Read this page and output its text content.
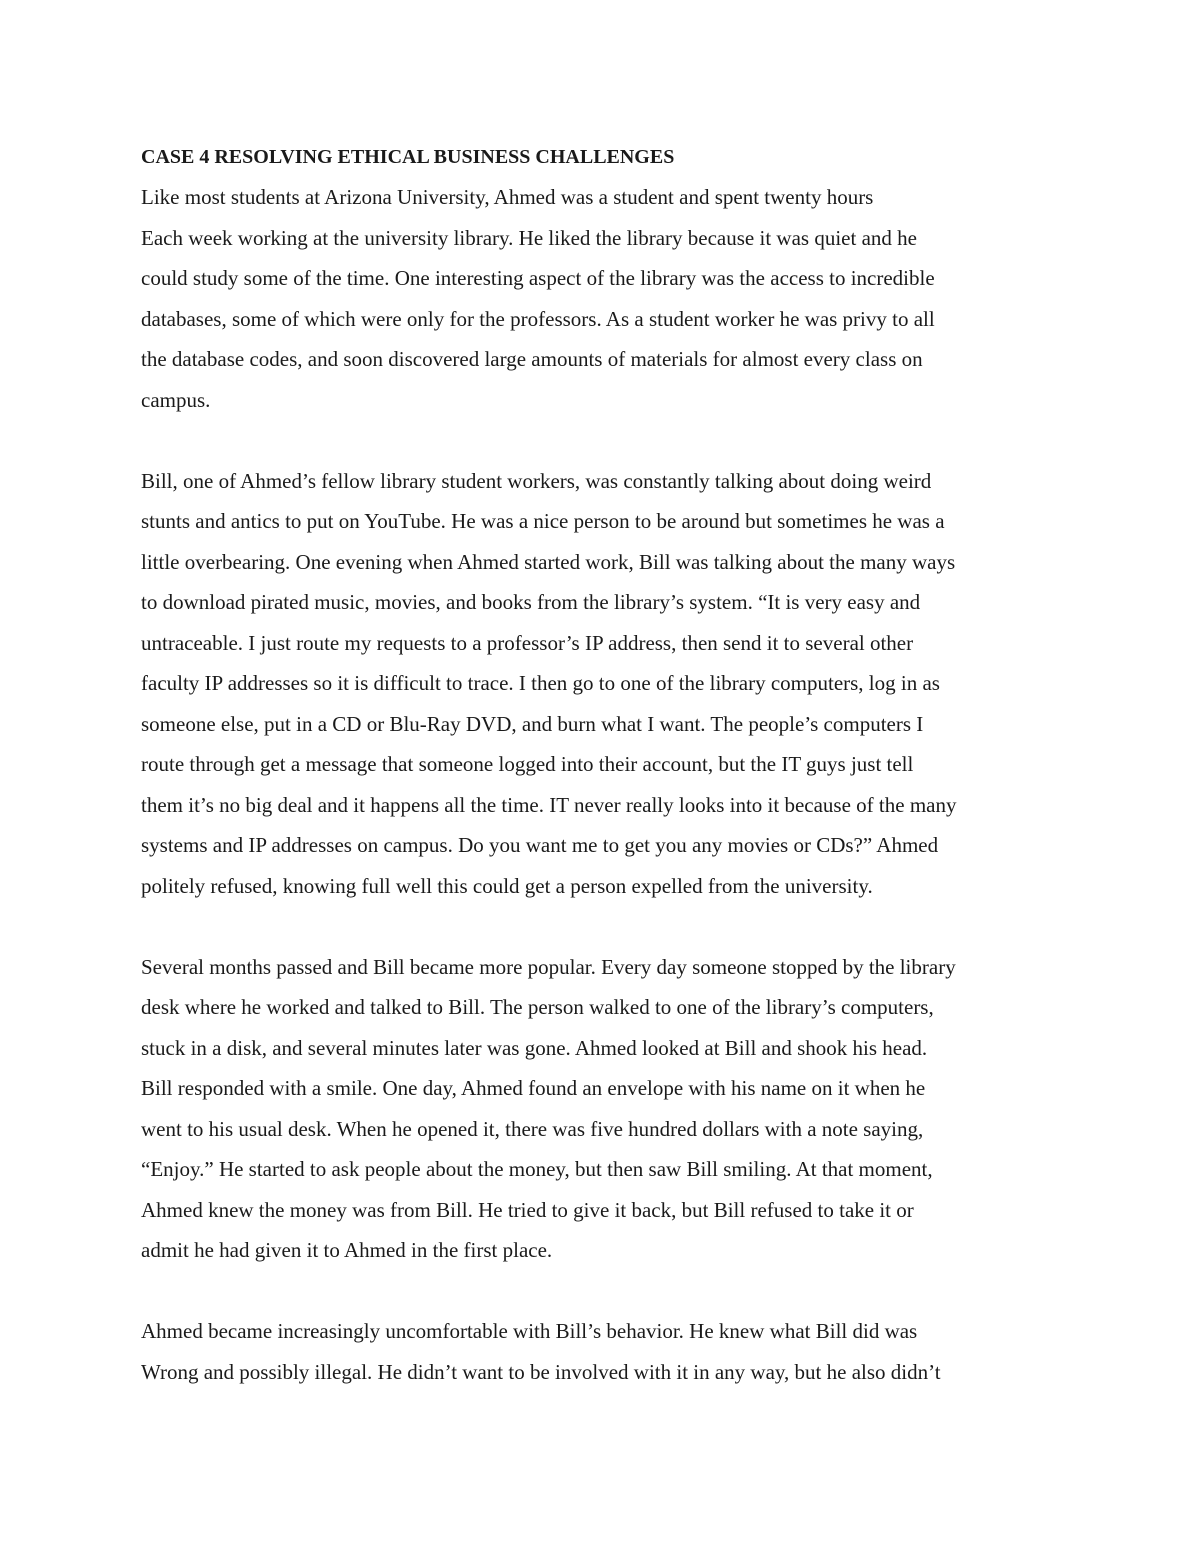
CASE 4 RESOLVING ETHICAL BUSINESS CHALLENGES
Like most students at Arizona University, Ahmed was a student and spent twenty hours
Each week working at the university library. He liked the library because it was quiet and he
could study some of the time. One interesting aspect of the library was the access to incredible
databases, some of which were only for the professors. As a student worker he was privy to all
the database codes, and soon discovered large amounts of materials for almost every class on
campus.
Bill, one of Ahmed’s fellow library student workers, was constantly talking about doing weird
stunts and antics to put on YouTube. He was a nice person to be around but sometimes he was a
little overbearing. One evening when Ahmed started work, Bill was talking about the many ways
to download pirated music, movies, and books from the library’s system. “It is very easy and
untraceable. I just route my requests to a professor’s IP address, then send it to several other
faculty IP addresses so it is difficult to trace. I then go to one of the library computers, log in as
someone else, put in a CD or Blu-Ray DVD, and burn what I want. The people’s computers I
route through get a message that someone logged into their account, but the IT guys just tell
them it’s no big deal and it happens all the time. IT never really looks into it because of the many
systems and IP addresses on campus. Do you want me to get you any movies or CDs?” Ahmed
politely refused, knowing full well this could get a person expelled from the university.
Several months passed and Bill became more popular. Every day someone stopped by the library
desk where he worked and talked to Bill. The person walked to one of the library’s computers,
stuck in a disk, and several minutes later was gone. Ahmed looked at Bill and shook his head.
Bill responded with a smile. One day, Ahmed found an envelope with his name on it when he
went to his usual desk. When he opened it, there was five hundred dollars with a note saying,
“Enjoy.” He started to ask people about the money, but then saw Bill smiling. At that moment,
Ahmed knew the money was from Bill. He tried to give it back, but Bill refused to take it or
admit he had given it to Ahmed in the first place.
Ahmed became increasingly uncomfortable with Bill’s behavior. He knew what Bill did was
Wrong and possibly illegal. He didn’t want to be involved with it in any way, but he also didn’t
